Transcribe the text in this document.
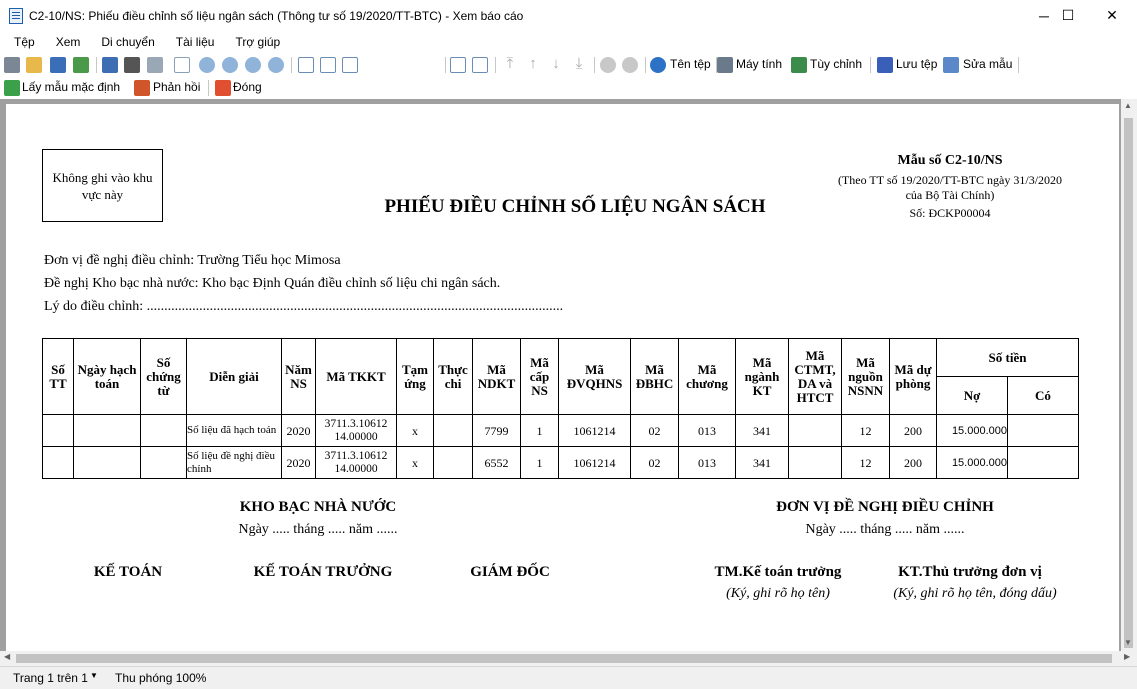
C2-10/NS: Phiếu điều chỉnh số liệu ngân sách (Thông tư số 19/2020/TT-BTC) - Xem báo cáo	─ ☐	✕
Tệp	Xem	Di chuyển	Tài liệu	Trợ giúp
⤒	↑ ↓	⤓	Tên tệp Máy tính Tùy chỉnh	Lưu tệp Sửa mẫu
Lấy mẫu mặc định	Phản hồi	Đóng
Không ghi vào khu vực này
Mẫu số C2-10/NS
(Theo TT số 19/2020/TT-BTC ngày 31/3/2020
của Bộ Tài Chính)
Số: ĐCKP00004
PHIẾU ĐIỀU CHỈNH SỐ LIỆU NGÂN SÁCH
Đơn vị đề nghị điều chỉnh: Trường Tiểu học Mimosa
Đề nghị Kho bạc nhà nước: Kho bạc Định Quán điều chỉnh số liệu chi ngân sách.
Lý do điều chỉnh: .......................................................................................................................
Số TT	Ngày hạch toán	Số chứng từ	Diễn giải	Năm NS	Mã TKKT	Tạm ứng	Thực chi	Mã NDKT	Mã cấp NS	Mã ĐVQHNS	Mã ĐBHC	Mã chương	Mã ngành KT	Mã CTMT, DA và HTCT	Mã nguồn NSNN	Mã dự phòng	Số tiền	
																	Nợ	Có
			Số liệu đã hạch toán	2020	3711.3.10612 14.00000	x		7799	1	1061214	02	013	341		12	200	15.000.000	
			Số liệu đề nghị điều chỉnh	2020	3711.3.10612 14.00000	x		6552	1	1061214	02	013	341		12	200	15.000.000	
KHO BẠC NHÀ NƯỚC
Ngày ..... tháng ..... năm ......
ĐƠN VỊ ĐỀ NGHỊ ĐIỀU CHỈNH
Ngày ..... tháng ..... năm ......
KẾ TOÁN	KẾ TOÁN TRƯỞNG	GIÁM ĐỐC	TM.Kế toán trưởng
(Ký, ghi rõ họ tên)
KT.Thủ trưởng đơn vị
(Ký, ghi rõ họ tên, đóng dấu)
▲
▼
◀	▶
Trang 1 trên 1 ▼ Thu phóng 100%
